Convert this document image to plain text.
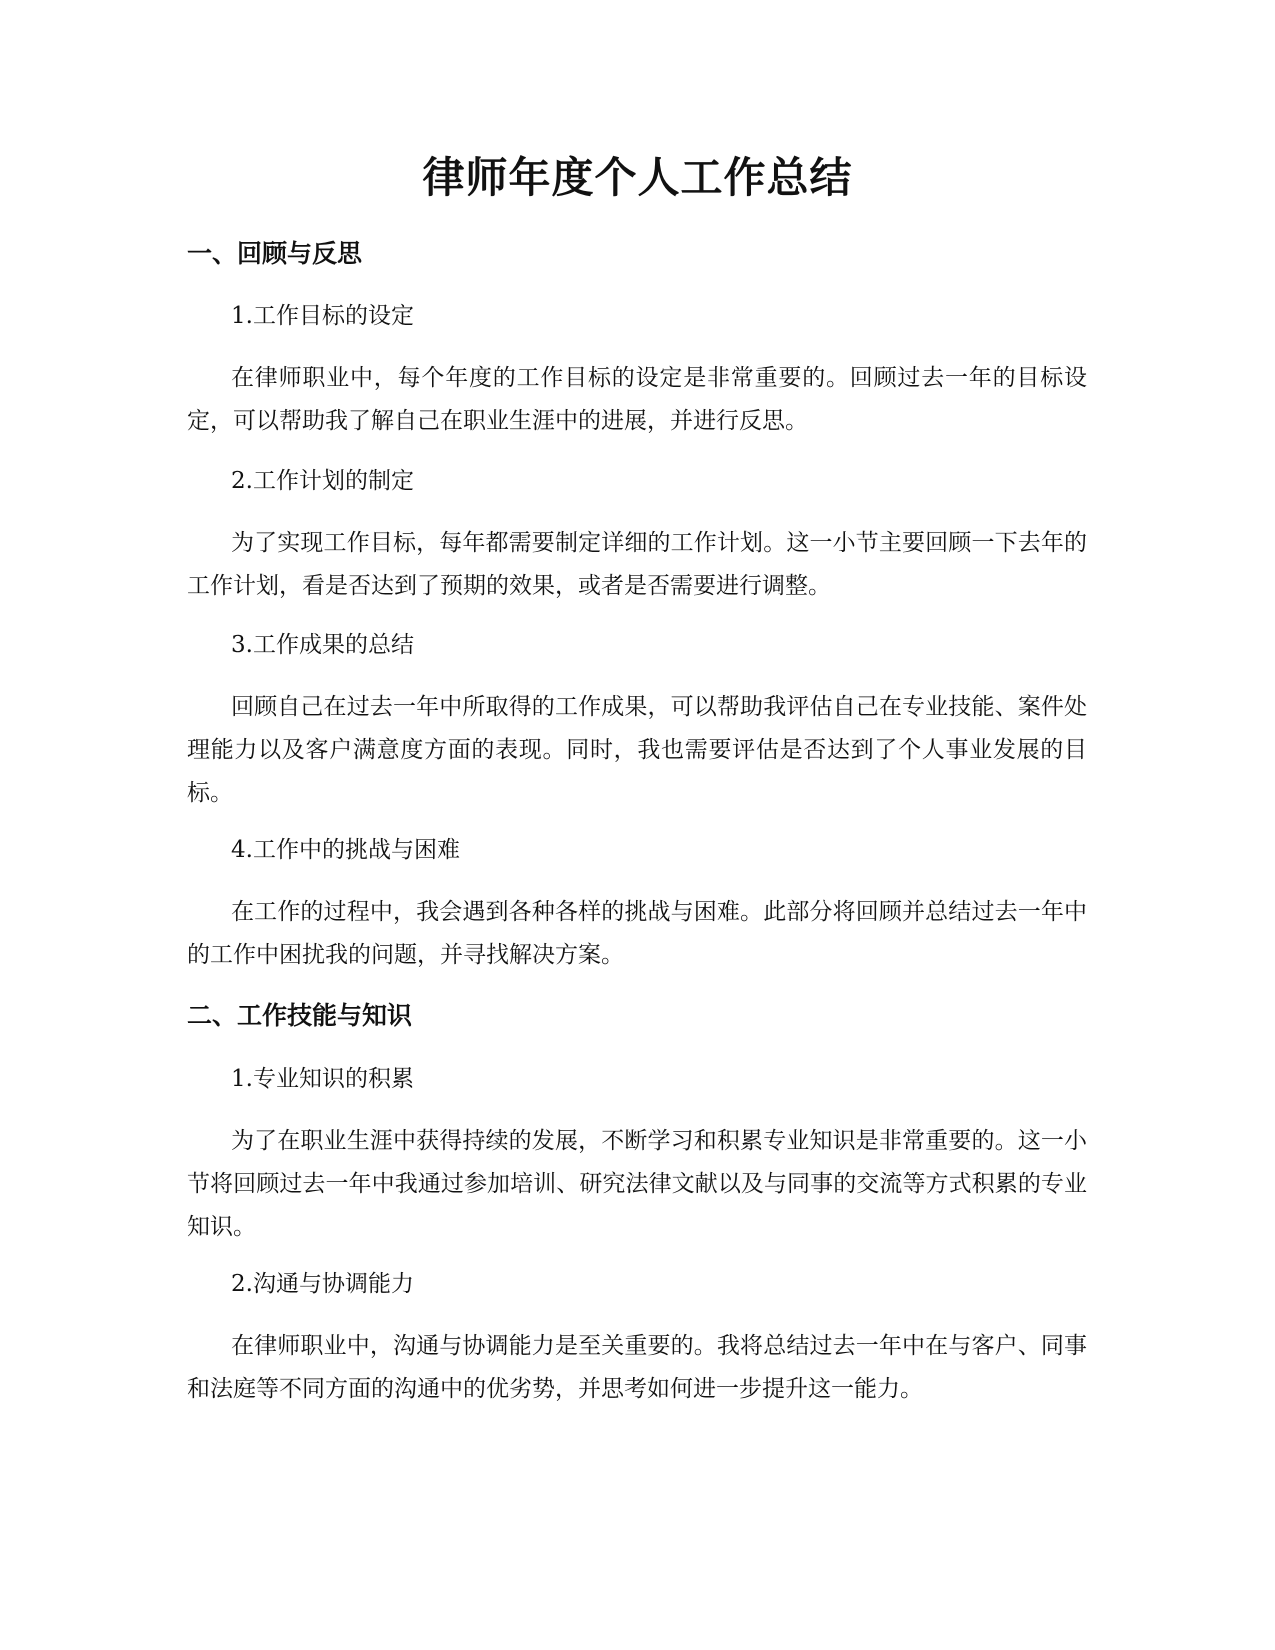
律师年度个人工作总结
一、回顾与反思
1.工作目标的设定

在律师职业中，每个年度的工作目标的设定是非常重要的。回顾过去一年的目标设定，可以帮助我了解自己在职业生涯中的进展，并进行反思。

2.工作计划的制定

为了实现工作目标，每年都需要制定详细的工作计划。这一小节主要回顾一下去年的工作计划，看是否达到了预期的效果，或者是否需要进行调整。

3.工作成果的总结

回顾自己在过去一年中所取得的工作成果，可以帮助我评估自己在专业技能、案件处理能力以及客户满意度方面的表现。同时，我也需要评估是否达到了个人事业发展的目标。

4.工作中的挑战与困难

在工作的过程中，我会遇到各种各样的挑战与困难。此部分将回顾并总结过去一年中的工作中困扰我的问题，并寻找解决方案。

二、工作技能与知识
1.专业知识的积累

为了在职业生涯中获得持续的发展，不断学习和积累专业知识是非常重要的。这一小节将回顾过去一年中我通过参加培训、研究法律文献以及与同事的交流等方式积累的专业知识。

2.沟通与协调能力

在律师职业中，沟通与协调能力是至关重要的。我将总结过去一年中在与客户、同事和法庭等不同方面的沟通中的优劣势，并思考如何进一步提升这一能力。
